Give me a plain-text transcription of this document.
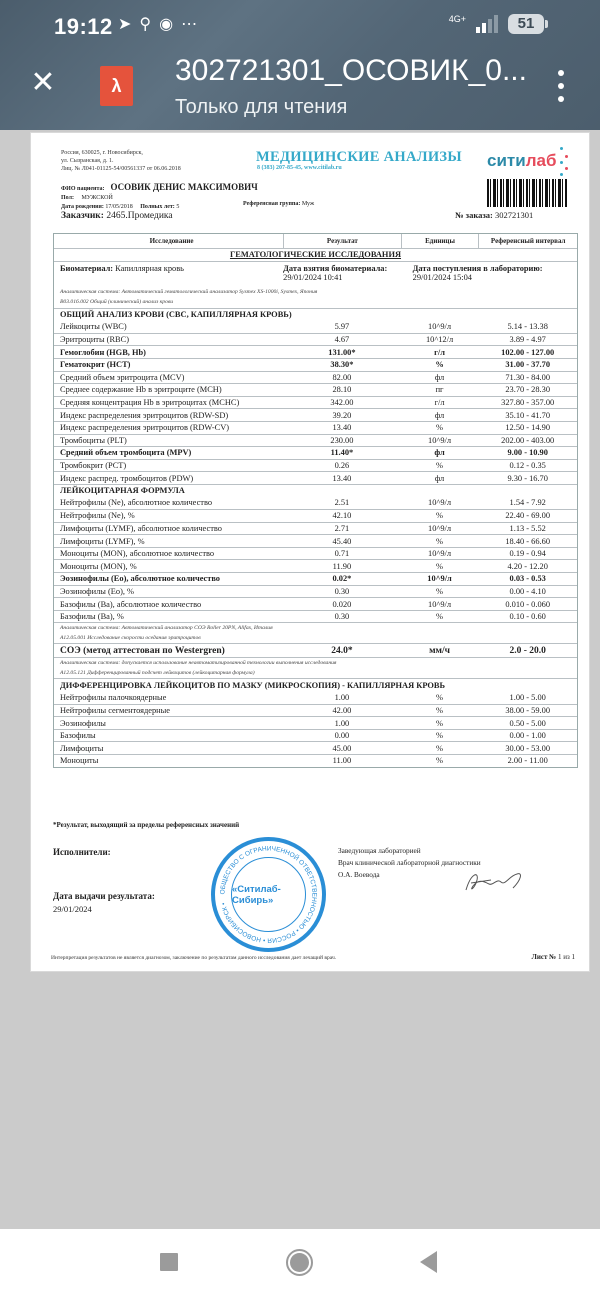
19:12 ➤ ⚲ ◉ ⋯	4G+	51
✕	λ	302721301_ОСОВИК_0...
Только для чтения
Россия, 630025, г. Новосибирск,
ул. Сызранская, д. 1.
Лиц. № Л041-01125-54/00561337 от 06.06.2018
МЕДИЦИНСКИЕ АНАЛИЗЫ
8 (383) 207-85-45, www.citilab.ru	ситилаб
ФИО пациента: ОСОВИК ДЕНИС МАКСИМОВИЧ
Пол: МУЖСКОЙ
Дата рождения: 17/05/2018 Полных лет: 5	Референсная группа: Муж
Заказчик: 2465.Промедика	№ заказа: 302721301
Исследование	Результат	Единицы	Референсный интервал
ГЕМАТОЛОГИЧЕСКИЕ ИССЛЕДОВАНИЯ
Биоматериал: Капиллярная кровь	Дата взятия биоматериала:
29/01/2024 10:41
Дата поступления в лабораторию:
29/01/2024 15:04
Аналитическая система: Автоматический гематологический анализатор Sysmex XS-1000i, Sysmex, Япония
B03.016.002 Общий (клинический) анализ крови
ОБЩИЙ АНАЛИЗ КРОВИ (CBC, КАПИЛЛЯРНАЯ КРОВЬ)
Лейкоциты (WBC)	5.97	10^9/л	5.14 - 13.38
Эритроциты (RBC)	4.67	10^12/л	3.89 - 4.97
Гемоглобин (HGB, Hb)	131.00*	г/л	102.00 - 127.00
Гематокрит (HCT)	38.30*	%	31.00 - 37.70
Средний объем эритроцита (MCV)	82.00	фл	71.30 - 84.00
Среднее содержание Hb в эритроците (MCH)	28.10	пг	23.70 - 28.30
Средняя концентрация Hb в эритроцитах (MCHC)	342.00	г/л	327.80 - 357.00
Индекс распределения эритроцитов (RDW-SD)	39.20	фл	35.10 - 41.70
Индекс распределения эритроцитов (RDW-CV)	13.40	%	12.50 - 14.90
Тромбоциты (PLT)	230.00	10^9/л	202.00 - 403.00
Средний объем тромбоцита (MPV)	11.40*	фл	9.00 - 10.90
Тромбокрит (PCT)	0.26	%	0.12 - 0.35
Индекс распред. тромбоцитов (PDW)	13.40	фл	9.30 - 16.70
ЛЕЙКОЦИТАРНАЯ ФОРМУЛА
Нейтрофилы (Ne), абсолютное количество	2.51	10^9/л	1.54 - 7.92
Нейтрофилы (Ne), %	42.10	%	22.40 - 69.00
Лимфоциты (LYMF), абсолютное количество	2.71	10^9/л	1.13 - 5.52
Лимфоциты (LYMF), %	45.40	%	18.40 - 66.60
Моноциты (MON), абсолютное количество	0.71	10^9/л	0.19 - 0.94
Моноциты (MON), %	11.90	%	4.20 - 12.20
Эозинофилы (Eo), абсолютное количество	0.02*	10^9/л	0.03 - 0.53
Эозинофилы (Eo), %	0.30	%	0.00 - 4.10
Базофилы (Ba), абсолютное количество	0.020	10^9/л	0.010 - 0.060
Базофилы (Ba), %	0.30	%	0.10 - 0.60
Аналитическая система: Автоматический анализатор СОЭ Roller 20PN, Alifax, Италия
A12.05.001 Исследование скорости оседания эритроцитов
СОЭ (метод аттестован по Westergren)	24.0*	мм/ч	2.0 - 20.0
Аналитическая система: допускается использование неавтоматизированной технологии выполнения исследования
A12.05.121 Дифференцированный подсчет лейкоцитов (лейкоцитарная формула)
ДИФФЕРЕНЦИРОВКА ЛЕЙКОЦИТОВ ПО МАЗКУ (МИКРОСКОПИЯ) - КАПИЛЛЯРНАЯ КРОВЬ
Нейтрофилы палочкоядерные	1.00	%	1.00 - 5.00
Нейтрофилы сегментоядерные	42.00	%	38.00 - 59.00
Эозинофилы	1.00	%	0.50 - 5.00
Базофилы	0.00	%	0.00 - 1.00
Лимфоциты	45.00	%	30.00 - 53.00
Моноциты	11.00	%	2.00 - 11.00
*Результат, выходящий за пределы референсных значений
Исполнители:
Дата выдачи результата:
29/01/2024
ОБЩЕСТВО С ОГРАНИЧЕННОЙ ОТВЕТСТВЕННОСТЬЮ • РОССИЯ • НОВОСИБИРСК •
«Ситилаб-Сибирь»
Заведующая лабораторией
Врач клинической лабораторной диагностики
О.А. Воевода
Интерпретация результатов не является диагнозом, заключение по результатам данного исследования дает лечащий врач.	Лист № 1 из 1
